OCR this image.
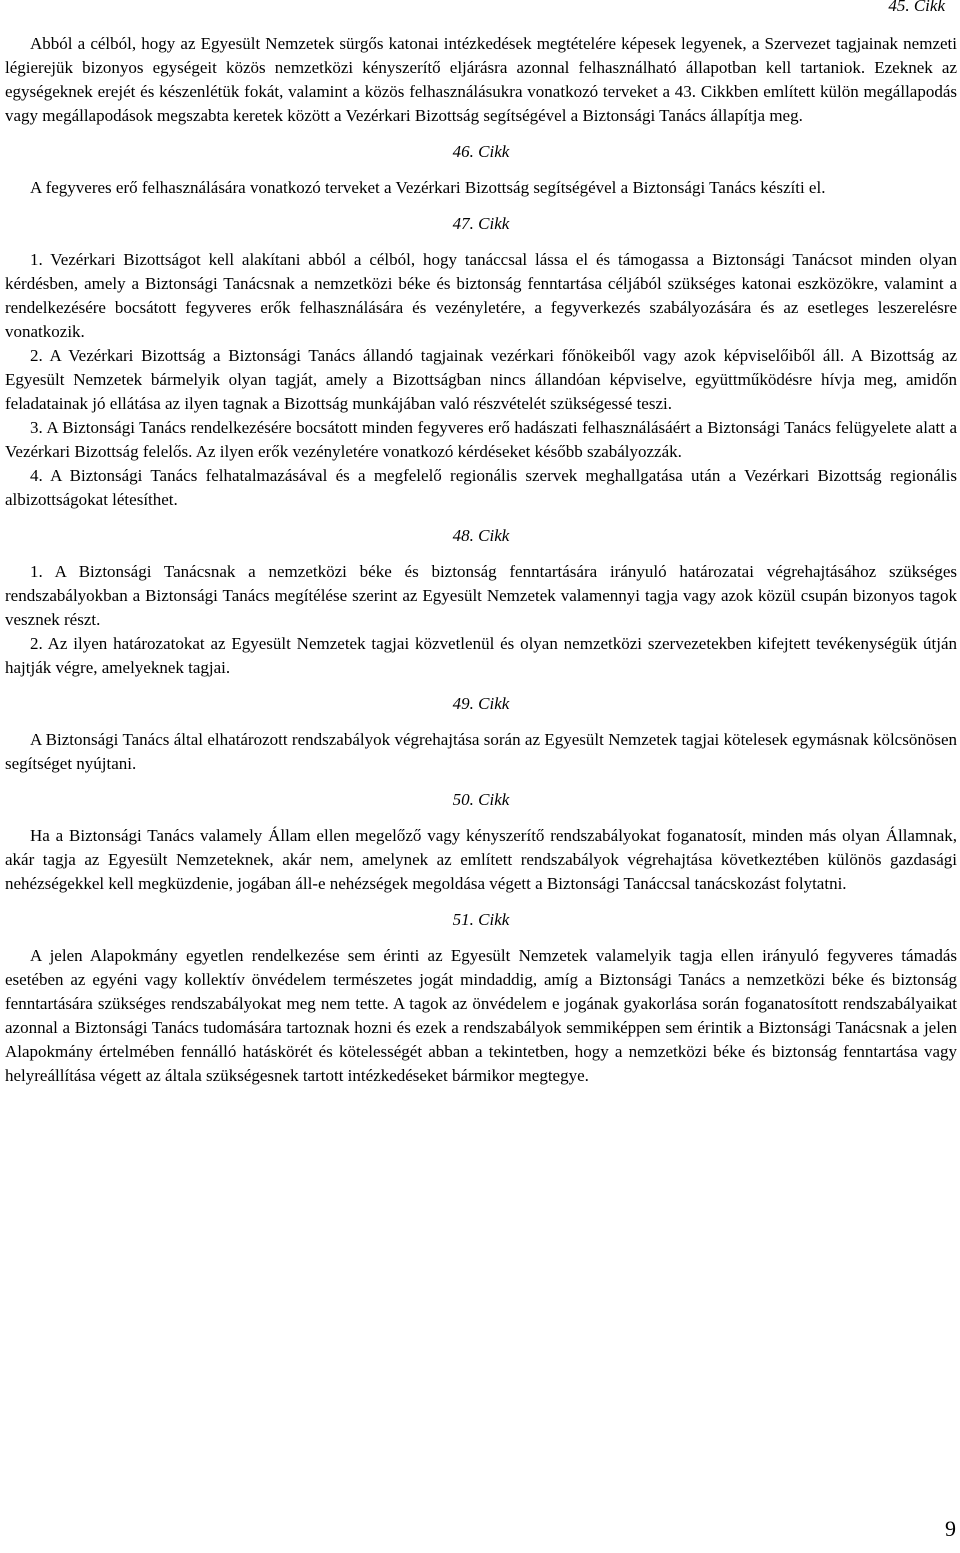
45. Cikk

Abból a célból, hogy az Egyesült Nemzetek sürgős katonai intézkedések megtételére képesek legyenek, a Szervezet tagjainak nemzeti légierejük bizonyos egységeit közös nemzetközi kényszerítő eljárásra azonnal felhasználható állapotban kell tartaniok. Ezeknek az egységeknek erejét és készenlétük fokát, valamint a közös felhasználásukra vonatkozó terveket a 43. Cikkben említett külön megállapodás vagy megállapodások megszabta keretek között a Vezérkari Bizottság segítségével a Biztonsági Tanács állapítja meg.

46. Cikk

A fegyveres erő felhasználására vonatkozó terveket a Vezérkari Bizottság segítségével a Biztonsági Tanács készíti el.

47. Cikk

1. Vezérkari Bizottságot kell alakítani abból a célból, hogy tanáccsal lássa el és támogassa a Biztonsági Tanácsot minden olyan kérdésben, amely a Biztonsági Tanácsnak a nemzetközi béke és biztonság fenntartása céljából szükséges katonai eszközökre, valamint a rendelkezésére bocsátott fegyveres erők felhasználására és vezényletére, a fegyverkezés szabályozására és az esetleges leszerelésre vonatkozik.

2. A Vezérkari Bizottság a Biztonsági Tanács állandó tagjainak vezérkari főnökeiből vagy azok képviselőiből áll. A Bizottság az Egyesült Nemzetek bármelyik olyan tagját, amely a Bizottságban nincs állandóan képviselve, együttműködésre hívja meg, amidőn feladatainak jó ellátása az ilyen tagnak a Bizottság munkájában való részvételét szükségessé teszi.

3. A Biztonsági Tanács rendelkezésére bocsátott minden fegyveres erő hadászati felhasználásáért a Biztonsági Tanács felügyelete alatt a Vezérkari Bizottság felelős. Az ilyen erők vezényletére vonatkozó kérdéseket később szabályozzák.

4. A Biztonsági Tanács felhatalmazásával és a megfelelő regionális szervek meghallgatása után a Vezérkari Bizottság regionális albizottságokat létesíthet.

48. Cikk

1. A Biztonsági Tanácsnak a nemzetközi béke és biztonság fenntartására irányuló határozatai végrehajtásához szükséges rendszabályokban a Biztonsági Tanács megítélése szerint az Egyesült Nemzetek valamennyi tagja vagy azok közül csupán bizonyos tagok vesznek részt.

2. Az ilyen határozatokat az Egyesült Nemzetek tagjai közvetlenül és olyan nemzetközi szervezetekben kifejtett tevékenységük útján hajtják végre, amelyeknek tagjai.

49. Cikk

A Biztonsági Tanács által elhatározott rendszabályok végrehajtása során az Egyesült Nemzetek tagjai kötelesek egymásnak kölcsönösen segítséget nyújtani.

50. Cikk

Ha a Biztonsági Tanács valamely Állam ellen megelőző vagy kényszerítő rendszabályokat foganatosít, minden más olyan Államnak, akár tagja az Egyesült Nemzeteknek, akár nem, amelynek az említett rendszabályok végrehajtása következtében különös gazdasági nehézségekkel kell megküzdenie, jogában áll-e nehézségek megoldása végett a Biztonsági Tanáccsal tanácskozást folytatni.

51. Cikk

A jelen Alapokmány egyetlen rendelkezése sem érinti az Egyesült Nemzetek valamelyik tagja ellen irányuló fegyveres támadás esetében az egyéni vagy kollektív önvédelem természetes jogát mindaddig, amíg a Biztonsági Tanács a nemzetközi béke és biztonság fenntartására szükséges rendszabályokat meg nem tette. A tagok az önvédelem e jogának gyakorlása során foganatosított rendszabályaikat azonnal a Biztonsági Tanács tudomására tartoznak hozni és ezek a rendszabályok semmiképpen sem érintik a Biztonsági Tanácsnak a jelen Alapokmány értelmében fennálló hatáskörét és kötelességét abban a tekintetben, hogy a nemzetközi béke és biztonság fenntartása vagy helyreállítása végett az általa szükségesnek tartott intézkedéseket bármikor megtegye.

9
